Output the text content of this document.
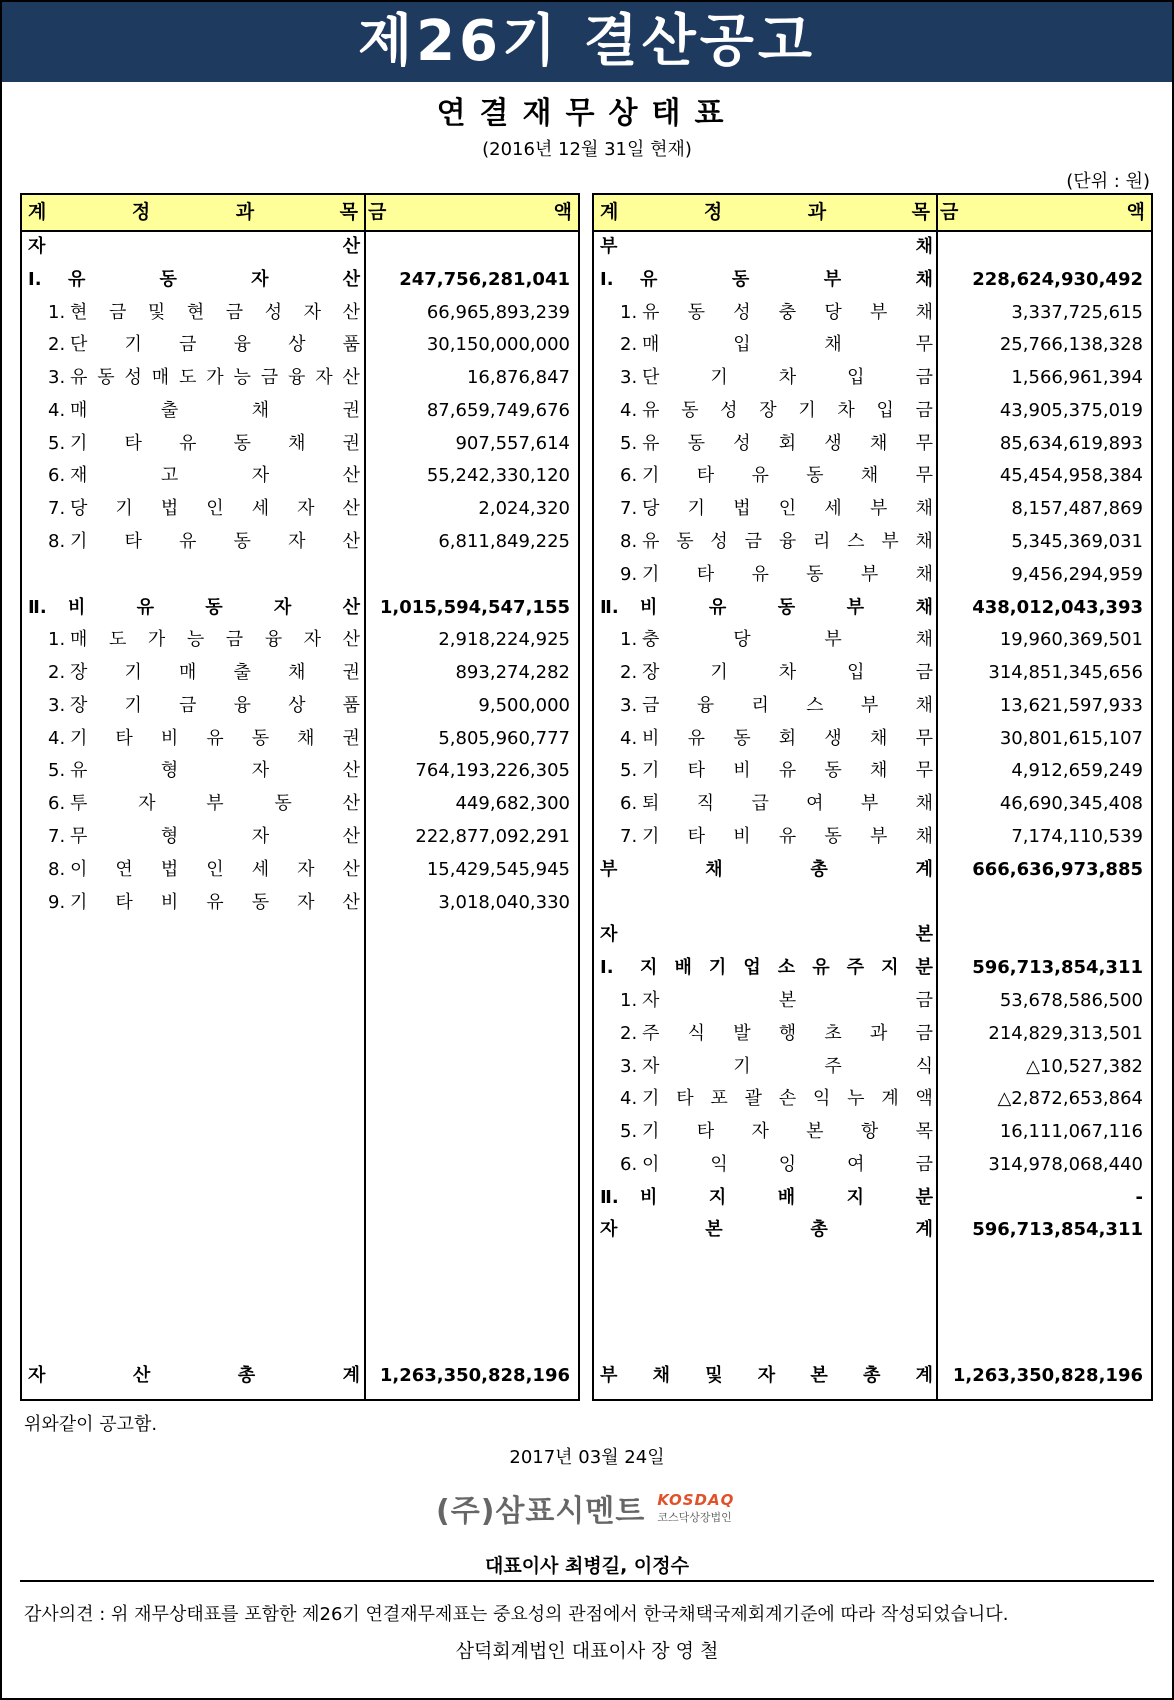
제26기 결산공고
연결재무상태표
(2016년 12월 31일 현재)
(단위 : 원)
계	정	과	목 금	액
자	산
Ⅰ. 유	동	자	산 247,756,281,041
1. 현 금 및 현 금 성 자 산	66,965,893,239
2. 단 기 금 융 상 품	30,150,000,000
3. 유 동 성 매 도 가 능 금 융 자 산	16,876,847
4. 매	출	채	권	87,659,749,676
5. 기 타 유 동 채 권	907,557,614
6. 재	고	자	산	55,242,330,120
7. 당 기 법 인 세 자 산	2,024,320
8. 기 타 유 동 자 산	6,811,849,225
Ⅱ. 비	유	동	자	산 1,015,594,547,155
1. 매 도 가 능 금 융 자 산	2,918,224,925
2. 장 기 매 출 채 권	893,274,282
3. 장 기 금 융 상 품	9,500,000
4. 기 타 비 유 동 채 권	5,805,960,777
5. 유	형	자	산	764,193,226,305
6. 투	자	부	동	산	449,682,300
7. 무	형	자	산	222,877,092,291
8. 이 연 법 인 세 자 산	15,429,545,945
9. 기 타 비 유 동 자 산	3,018,040,330
자	산	총	계 1,263,350,828,196
계	정	과	목 금	액
부	채
Ⅰ. 유	동	부	채 228,624,930,492
1. 유 동 성 충 당 부 채	3,337,725,615
2. 매	입	채	무	25,766,138,328
3. 단	기	차	입	금	1,566,961,394
4. 유 동 성 장 기 차 입 금	43,905,375,019
5. 유 동 성 회 생 채 무	85,634,619,893
6. 기 타 유 동 채 무	45,454,958,384
7. 당 기 법 인 세 부 채	8,157,487,869
8. 유 동 성 금 융 리 스 부 채	5,345,369,031
9. 기 타 유 동 부 채	9,456,294,959
Ⅱ. 비	유	동	부	채 438,012,043,393
1. 충	당	부	채	19,960,369,501
2. 장	기	차	입	금	314,851,345,656
3. 금 융 리 스 부 채	13,621,597,933
4. 비 유 동 회 생 채 무	30,801,615,107
5. 기 타 비 유 동 채 무	4,912,659,249
6. 퇴 직 급 여 부 채	46,690,345,408
7. 기 타 비 유 동 부 채	7,174,110,539
부	채	총	계 666,636,973,885
자	본
Ⅰ. 지 배 기 업 소 유 주 지 분 596,713,854,311
1. 자	본	금	53,678,586,500
2. 주 식 발 행 초 과 금	214,829,313,501
3. 자	기	주	식	△10,527,382
4. 기 타 포 괄 손 익 누 계 액	△2,872,653,864
5. 기 타 자 본 항 목	16,111,067,116
6. 이	익	잉	여	금	314,978,068,440
Ⅱ. 비	지	배	지	분	-
자	본	총	계 596,713,854,311
부 채 및 자 본 총 계 1,263,350,828,196
위와같이 공고함.
2017년 03월 24일
(주)삼표시멘트 KOSDAQ
코스닥상장법인
대표이사 최병길, 이정수
감사의견 : 위 재무상태표를 포함한 제26기 연결재무제표는 중요성의 관점에서 한국채택국제회계기준에 따라 작성되었습니다.
삼덕회계법인 대표이사 장 영 철
